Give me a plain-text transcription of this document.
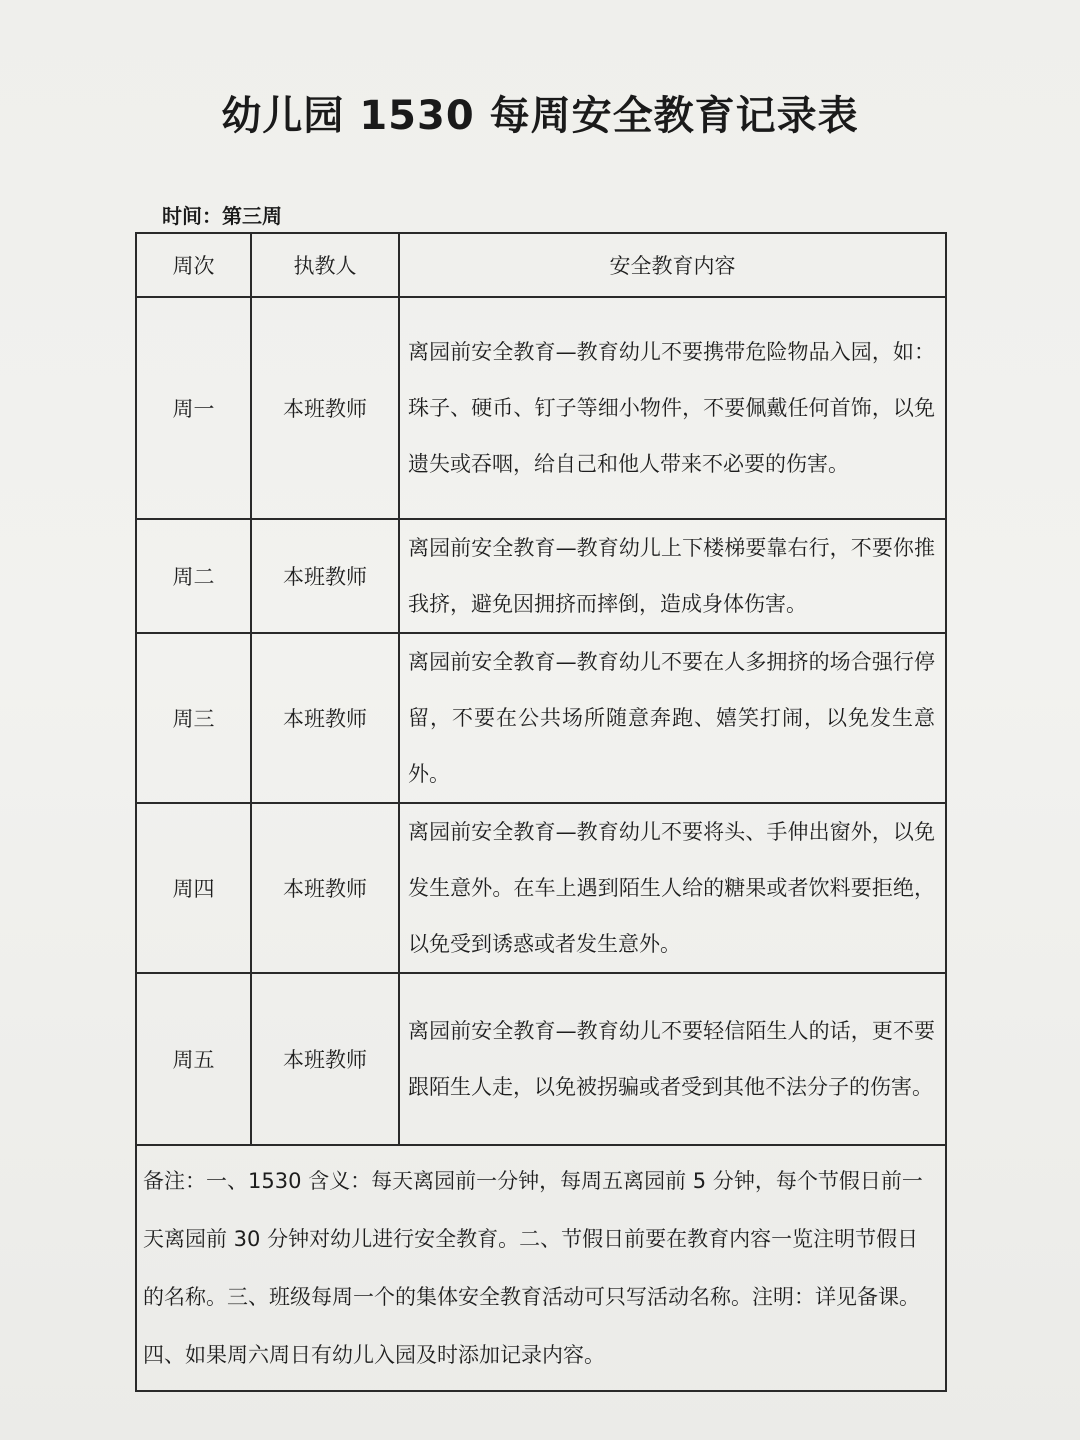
幼儿园 1530 每周安全教育记录表
时间：第三周
周次	执教人	安全教育内容
周一	本班教师	离园前安全教育—教育幼儿不要携带危险物品入园，如：珠子、硬币、钉子等细小物件，不要佩戴任何首饰，以免遗失或吞咽，给自己和他人带来不必要的伤害。
周二	本班教师	离园前安全教育—教育幼儿上下楼梯要靠右行，不要你推我挤，避免因拥挤而摔倒，造成身体伤害。
周三	本班教师	离园前安全教育—教育幼儿不要在人多拥挤的场合强行停留，不要在公共场所随意奔跑、嬉笑打闹，以免发生意外。
周四	本班教师	离园前安全教育—教育幼儿不要将头、手伸出窗外，以免发生意外。在车上遇到陌生人给的糖果或者饮料要拒绝，以免受到诱惑或者发生意外。
周五	本班教师	离园前安全教育—教育幼儿不要轻信陌生人的话，更不要跟陌生人走，以免被拐骗或者受到其他不法分子的伤害。
备注：一、1530 含义：每天离园前一分钟，每周五离园前 5 分钟，每个节假日前一天离园前 30 分钟对幼儿进行安全教育。二、节假日前要在教育内容一览注明节假日的名称。三、班级每周一个的集体安全教育活动可只写活动名称。注明：详见备课。四、如果周六周日有幼儿入园及时添加记录内容。		
